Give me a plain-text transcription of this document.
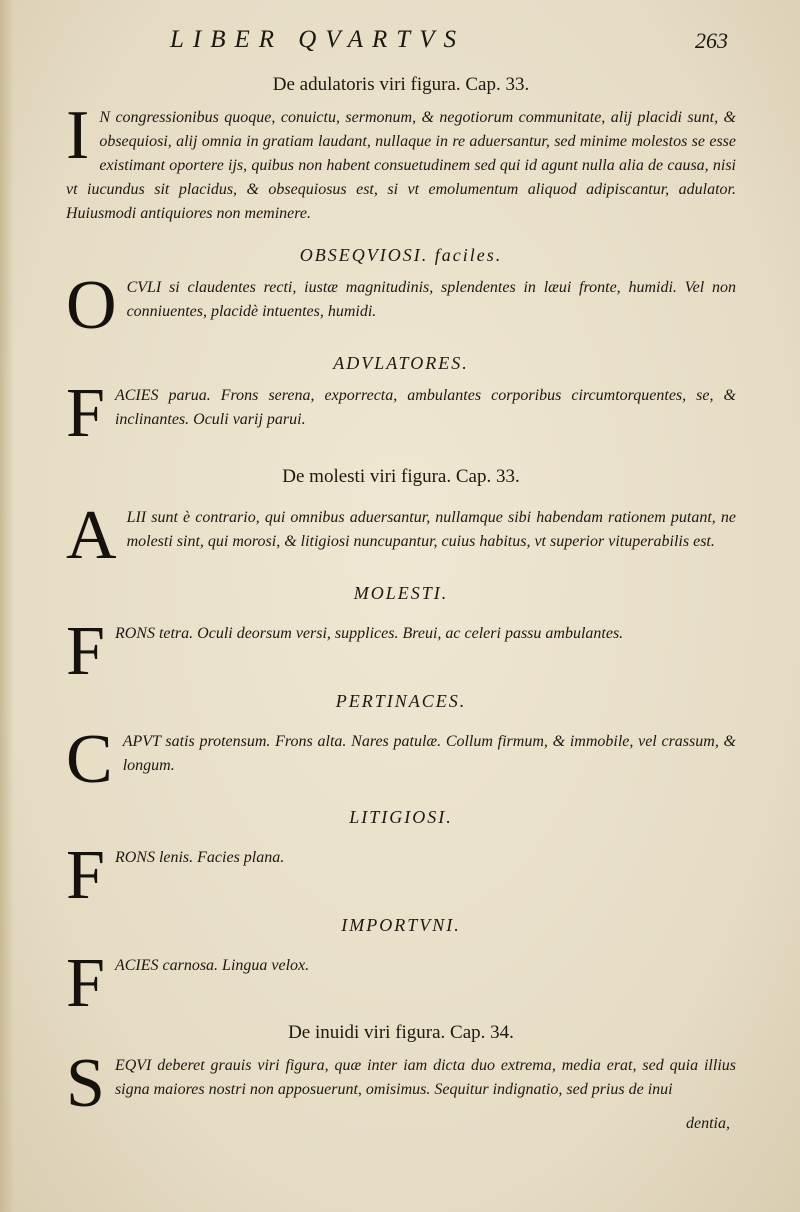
LIBER QVARTVS	263

De adulatoris viri figura. Cap. 33.

I N congressionibus quoque, conuictu, sermonum, & negotiorum communitate, alij placidi sunt, & obsequiosi, alij omnia in gratiam laudant, nullaque in re aduersantur, sed minime molestos se esse existimant oportere ijs, quibus non habent consuetudinem sed qui id agunt nulla alia de causa, nisi vt iucundus sit placidus, & obsequiosus est, si vt emolumentum aliquod adipiscantur, adulator. Huiusmodi antiquiores non meminere.

OBSEQVIOSI. faciles.

O CVLI si claudentes recti, iustæ magnitudinis, splendentes in læui fronte, humidi. Vel non conniuentes, placidè intuentes, humidi.

ADVLATORES.

F ACIES parua. Frons serena, exporrecta, ambulantes corporibus circumtorquentes, se, & inclinantes. Oculi varij parui.

De molesti viri figura. Cap. 33.

A LII sunt è contrario, qui omnibus aduersantur, nullamque sibi habendam rationem putant, ne molesti sint, qui morosi, & litigiosi nuncupantur, cuius habitus, vt superior vituperabilis est.

MOLESTI.

F RONS tetra. Oculi deorsum versi, supplices. Breui, ac celeri passu ambulantes.

PERTINACES.

C APVT satis protensum. Frons alta. Nares patulæ. Collum firmum, & immobile, vel crassum, & longum.

LITIGIOSI.

F RONS lenis. Facies plana.

IMPORTVNI.

F ACIES carnosa. Lingua velox.

De inuidi viri figura. Cap. 34.

S EQVI deberet grauis viri figura, quæ inter iam dicta duo extrema, media erat, sed quia illius signa maiores nostri non apposuerunt, omisimus. Sequitur indignatio, sed prius de inui

dentia,
